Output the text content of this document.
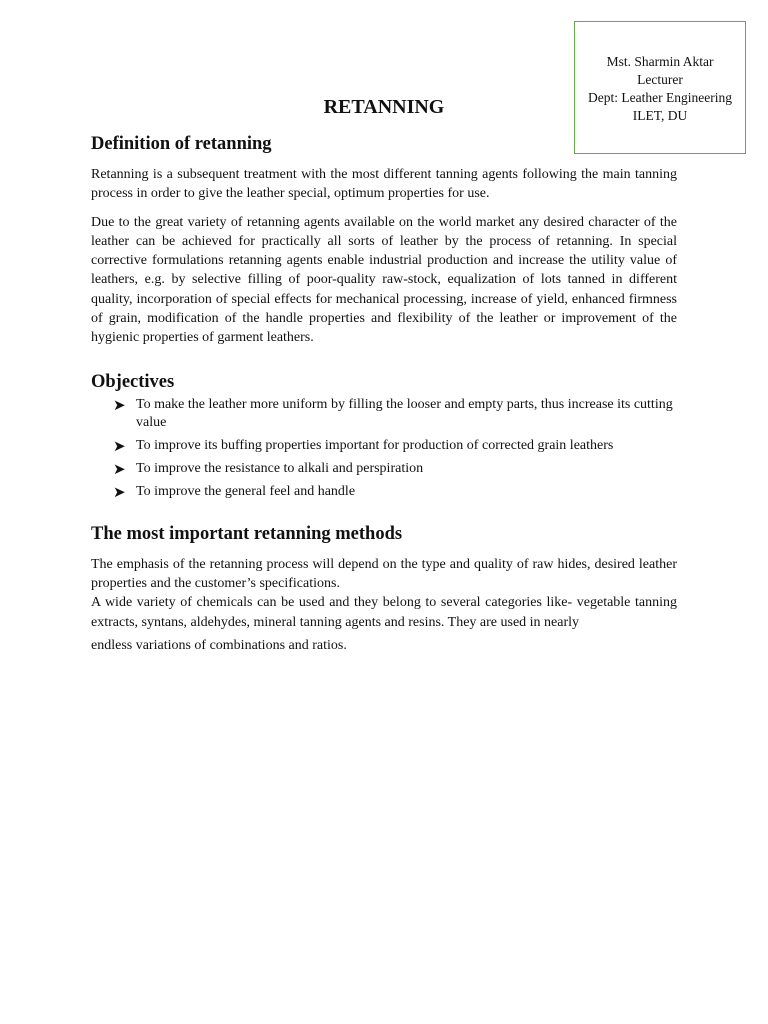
Mst. Sharmin Aktar
Lecturer
Dept: Leather Engineering
ILET, DU
RETANNING
Definition of retanning

Retanning is a subsequent treatment with the most different tanning agents following the main tanning process in order to give the leather special, optimum properties for use.

Due to the great variety of retanning agents available on the world market any desired character of the leather can be achieved for practically all sorts of leather by the process of retanning. In special corrective formulations retanning agents enable industrial production and increase the utility value of leathers, e.g. by selective filling of poor-quality raw-stock, equalization of lots tanned in different quality, incorporation of special effects for mechanical processing, increase of yield, enhanced firmness of grain, modification of the handle properties and flexibility of the leather or improvement of the hygienic properties of garment leathers.

Objectives
➤ To make the leather more uniform by filling the looser and empty parts, thus increase its cutting value
➤ To improve its buffing properties important for production of corrected grain leathers
➤ To improve the resistance to alkali and perspiration
➤ To improve the general feel and handle
The most important retanning methods

The emphasis of the retanning process will depend on the type and quality of raw hides, desired leather properties and the customer’s specifications.

A wide variety of chemicals can be used and they belong to several categories like- vegetable tanning extracts, syntans, aldehydes, mineral tanning agents and resins. They are used in nearly

endless variations of combinations and ratios.
